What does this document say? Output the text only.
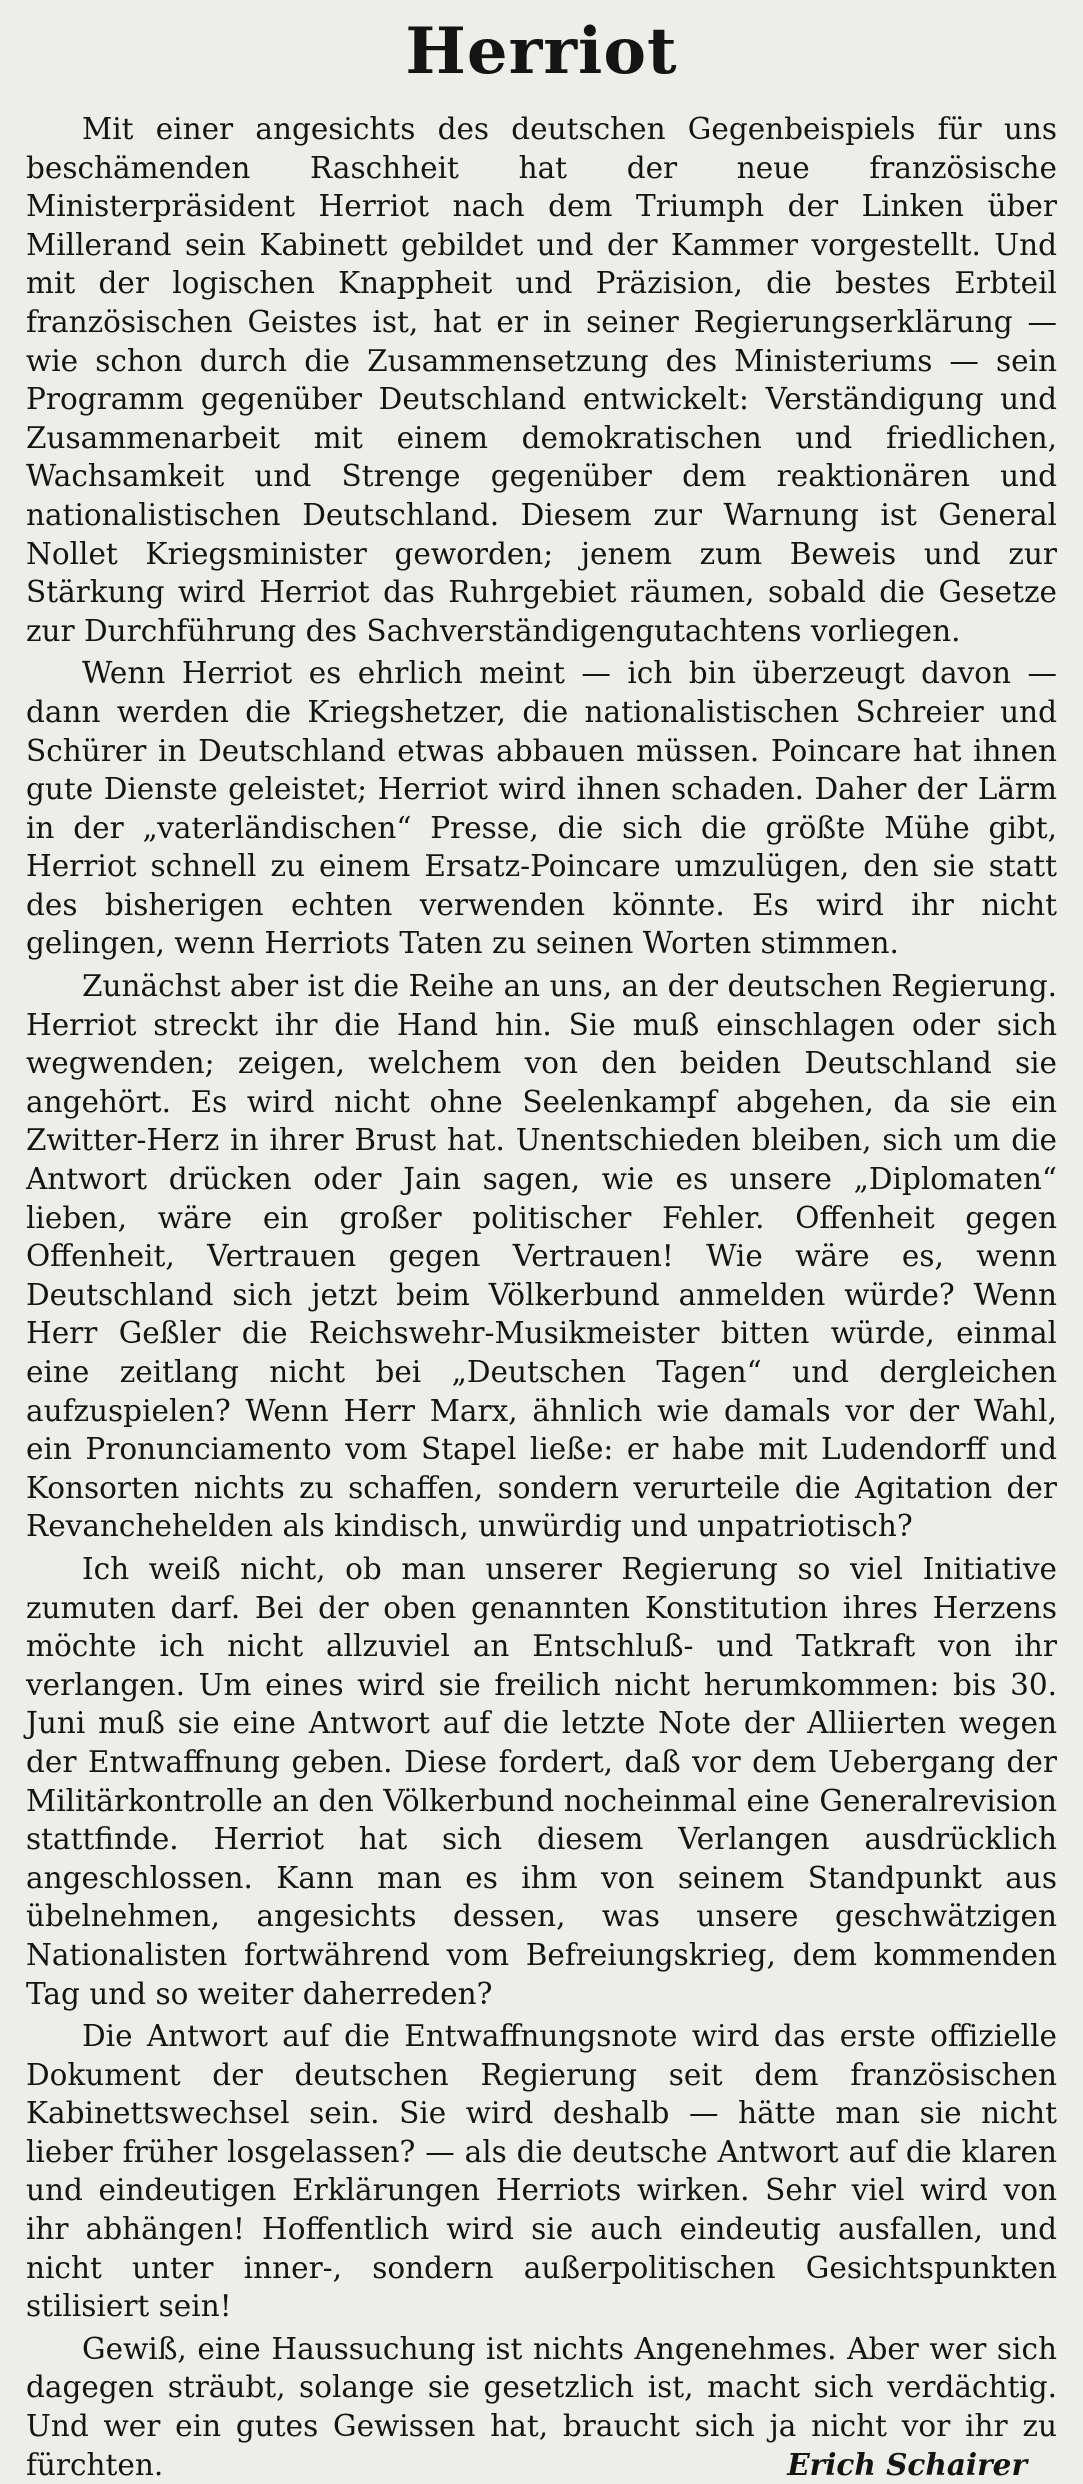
Herriot

Mit einer angesichts des deutschen Gegenbeispiels für uns beschämenden Raschheit hat der neue französische Ministerpräsident Herriot nach dem Triumph der Linken über Millerand sein Kabinett gebildet und der Kammer vorgestellt. Und mit der logischen Knappheit und Präzision, die bestes Erbteil französischen Geistes ist, hat er in seiner Regierungserklärung — wie schon durch die Zusammensetzung des Ministeriums — sein Programm gegenüber Deutschland entwickelt: Verständigung und Zusammenarbeit mit einem demokratischen und friedlichen, Wachsamkeit und Strenge gegenüber dem reaktionären und nationalistischen Deutschland. Diesem zur Warnung ist General Nollet Kriegsminister geworden; jenem zum Beweis und zur Stärkung wird Herriot das Ruhrgebiet räumen, sobald die Gesetze zur Durchführung des Sachverständigengutachtens vorliegen.

Wenn Herriot es ehrlich meint — ich bin überzeugt davon — dann werden die Kriegshetzer, die nationalistischen Schreier und Schürer in Deutschland etwas abbauen müssen. Poincare hat ihnen gute Dienste geleistet; Herriot wird ihnen schaden. Daher der Lärm in der „vaterländischen“ Presse, die sich die größte Mühe gibt, Herriot schnell zu einem Ersatz-Poincare umzulügen, den sie statt des bisherigen echten verwenden könnte. Es wird ihr nicht gelingen, wenn Herriots Taten zu seinen Worten stimmen.

Zunächst aber ist die Reihe an uns, an der deutschen Regierung. Herriot streckt ihr die Hand hin. Sie muß einschlagen oder sich wegwenden; zeigen, welchem von den beiden Deutschland sie angehört. Es wird nicht ohne Seelenkampf abgehen, da sie ein Zwitter-Herz in ihrer Brust hat. Unentschieden bleiben, sich um die Antwort drücken oder Jain sagen, wie es unsere „Diplomaten“ lieben, wäre ein großer politischer Fehler. Offenheit gegen Offenheit, Vertrauen gegen Vertrauen! Wie wäre es, wenn Deutschland sich jetzt beim Völkerbund anmelden würde? Wenn Herr Geßler die Reichswehr-Musikmeister bitten würde, einmal eine zeitlang nicht bei „Deutschen Tagen“ und dergleichen aufzuspielen? Wenn Herr Marx, ähnlich wie damals vor der Wahl, ein Pronunciamento vom Stapel ließe: er habe mit Ludendorff und Konsorten nichts zu schaffen, sondern verurteile die Agitation der Revanchehelden als kindisch, unwürdig und unpatriotisch?

Ich weiß nicht, ob man unserer Regierung so viel Initiative zumuten darf. Bei der oben genannten Konstitution ihres Herzens möchte ich nicht allzuviel an Entschluß- und Tatkraft von ihr verlangen. Um eines wird sie freilich nicht herumkommen: bis 30. Juni muß sie eine Antwort auf die letzte Note der Alliierten wegen der Entwaffnung geben. Diese fordert, daß vor dem Uebergang der Militärkontrolle an den Völkerbund nocheinmal eine Generalrevision stattfinde. Herriot hat sich diesem Verlangen ausdrücklich angeschlossen. Kann man es ihm von seinem Standpunkt aus übelnehmen, angesichts dessen, was unsere geschwätzigen Nationalisten fortwährend vom Befreiungskrieg, dem kommenden Tag und so weiter daherreden?

Die Antwort auf die Entwaffnungsnote wird das erste offizielle Dokument der deutschen Regierung seit dem französischen Kabinettswechsel sein. Sie wird deshalb — hätte man sie nicht lieber früher losgelassen? — als die deutsche Antwort auf die klaren und eindeutigen Erklärungen Herriots wirken. Sehr viel wird von ihr abhängen! Hoffentlich wird sie auch eindeutig ausfallen, und nicht unter inner-, sondern außerpolitischen Gesichtspunkten stilisiert sein!

Gewiß, eine Haussuchung ist nichts Angenehmes. Aber wer sich dagegen sträubt, solange sie gesetzlich ist, macht sich verdächtig. Und wer ein gutes Gewissen hat, braucht sich ja nicht vor ihr zu fürchten.	Erich Schairer
